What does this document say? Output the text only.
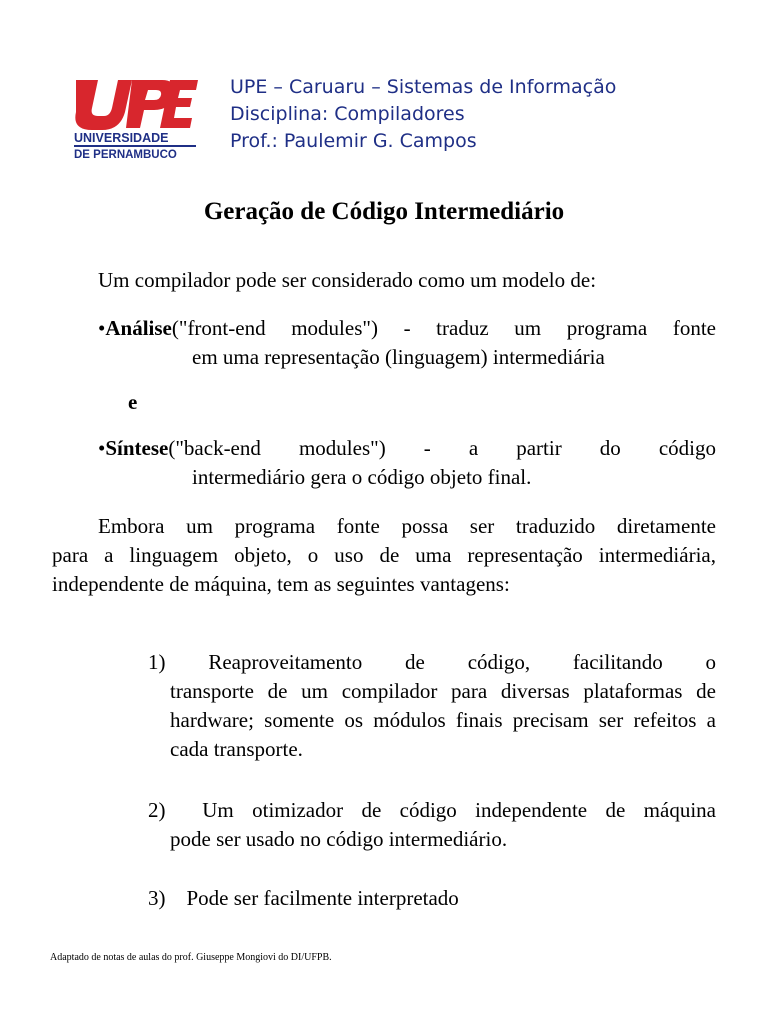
UNIVERSIDADE
DE PERNAMBUCO
UPE – Caruaru – Sistemas de Informação
Disciplina: Compiladores
Prof.: Paulemir G. Campos
Geração de Código Intermediário
Um compilador pode ser considerado como um modelo de:
•Análise("front-end modules") - traduz um programa fonte
em uma representação (linguagem) intermediária
e
•Síntese("back-end modules") - a partir do código
intermediário gera o código objeto final.
Embora um programa fonte possa ser traduzido diretamente
para a linguagem objeto, o uso de uma representação intermediária, independente de máquina, tem as seguintes vantagens:
1) Reaproveitamento de código, facilitando o
transporte de um compilador para diversas plataformas de hardware; somente os módulos finais precisam ser refeitos a cada transporte.
2) Um otimizador de código independente de máquina
pode ser usado no código intermediário.
3) Pode ser facilmente interpretado
Adaptado de notas de aulas do prof. Giuseppe Mongiovi do DI/UFPB.
